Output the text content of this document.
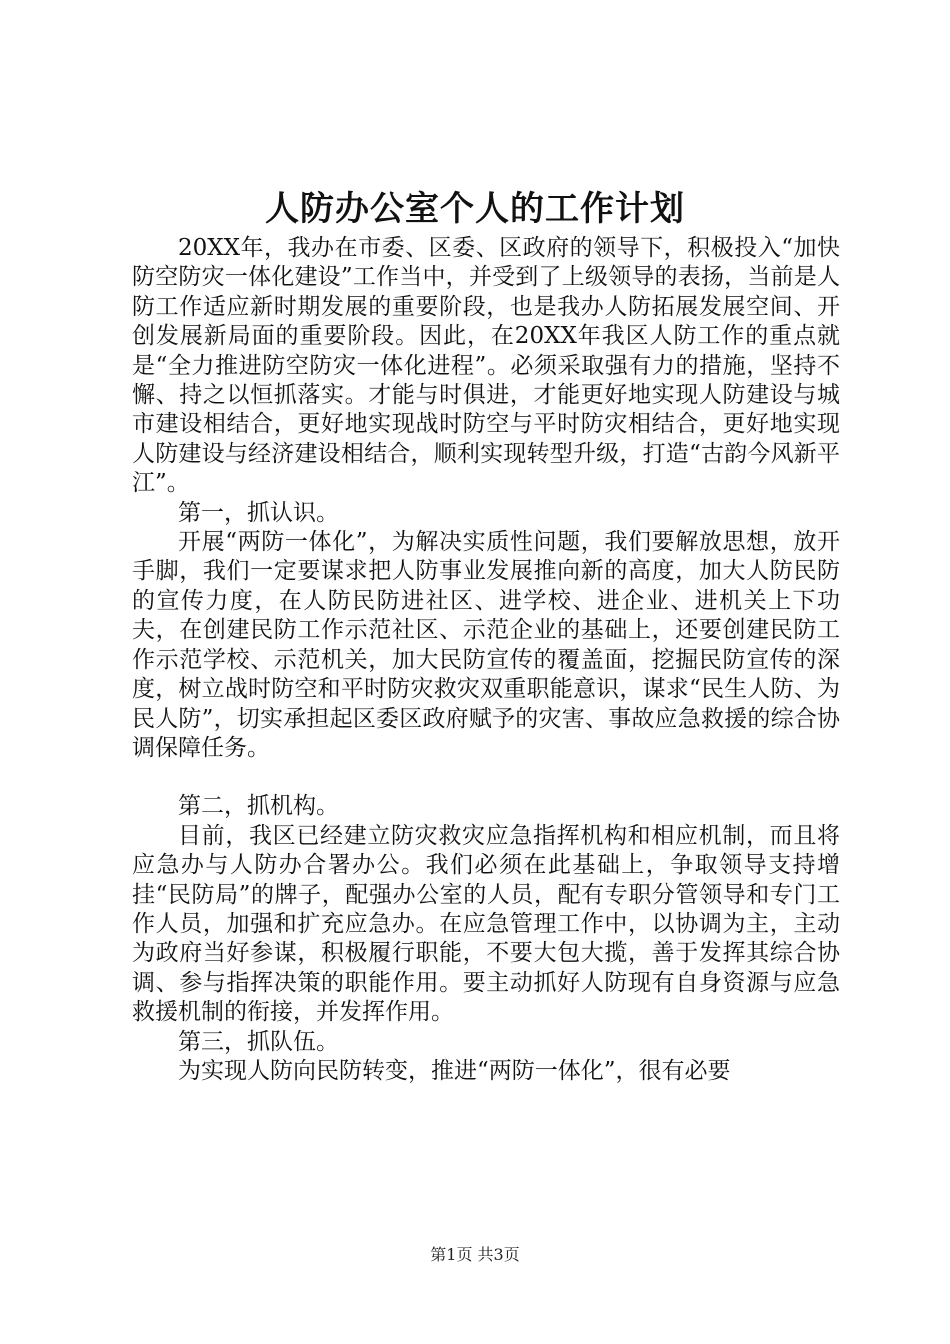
人防办公室个人的工作计划

20XX年，我办在市委、区委、区政府的领导下，积极投入“加快防空防灾一体化建设”工作当中，并受到了上级领导的表扬，当前是人防工作适应新时期发展的重要阶段，也是我办人防拓展发展空间、开创发展新局面的重要阶段。因此，在20XX年我区人防工作的重点就是“全力推进防空防灾一体化进程”。必须采取强有力的措施，坚持不懈、持之以恒抓落实。才能与时俱进，才能更好地实现人防建设与城市建设相结合，更好地实现战时防空与平时防灾相结合，更好地实现人防建设与经济建设相结合，顺利实现转型升级，打造“古韵今风新平江”。

第一，抓认识。

开展“两防一体化”，为解决实质性问题，我们要解放思想，放开手脚，我们一定要谋求把人防事业发展推向新的高度，加大人防民防的宣传力度，在人防民防进社区、进学校、进企业、进机关上下功夫，在创建民防工作示范社区、示范企业的基础上，还要创建民防工作示范学校、示范机关，加大民防宣传的覆盖面，挖掘民防宣传的深度，树立战时防空和平时防灾救灾双重职能意识，谋求“民生人防、为民人防”，切实承担起区委区政府赋予的灾害、事故应急救援的综合协调保障任务。

第二，抓机构。

目前，我区已经建立防灾救灾应急指挥机构和相应机制，而且将应急办与人防办合署办公。我们必须在此基础上，争取领导支持增挂“民防局”的牌子，配强办公室的人员，配有专职分管领导和专门工作人员，加强和扩充应急办。在应急管理工作中，以协调为主，主动为政府当好参谋，积极履行职能，不要大包大揽，善于发挥其综合协调、参与指挥决策的职能作用。要主动抓好人防现有自身资源与应急救援机制的衔接，并发挥作用。

第三，抓队伍。

为实现人防向民防转变，推进“两防一体化”，很有必要

第1页 共3页
